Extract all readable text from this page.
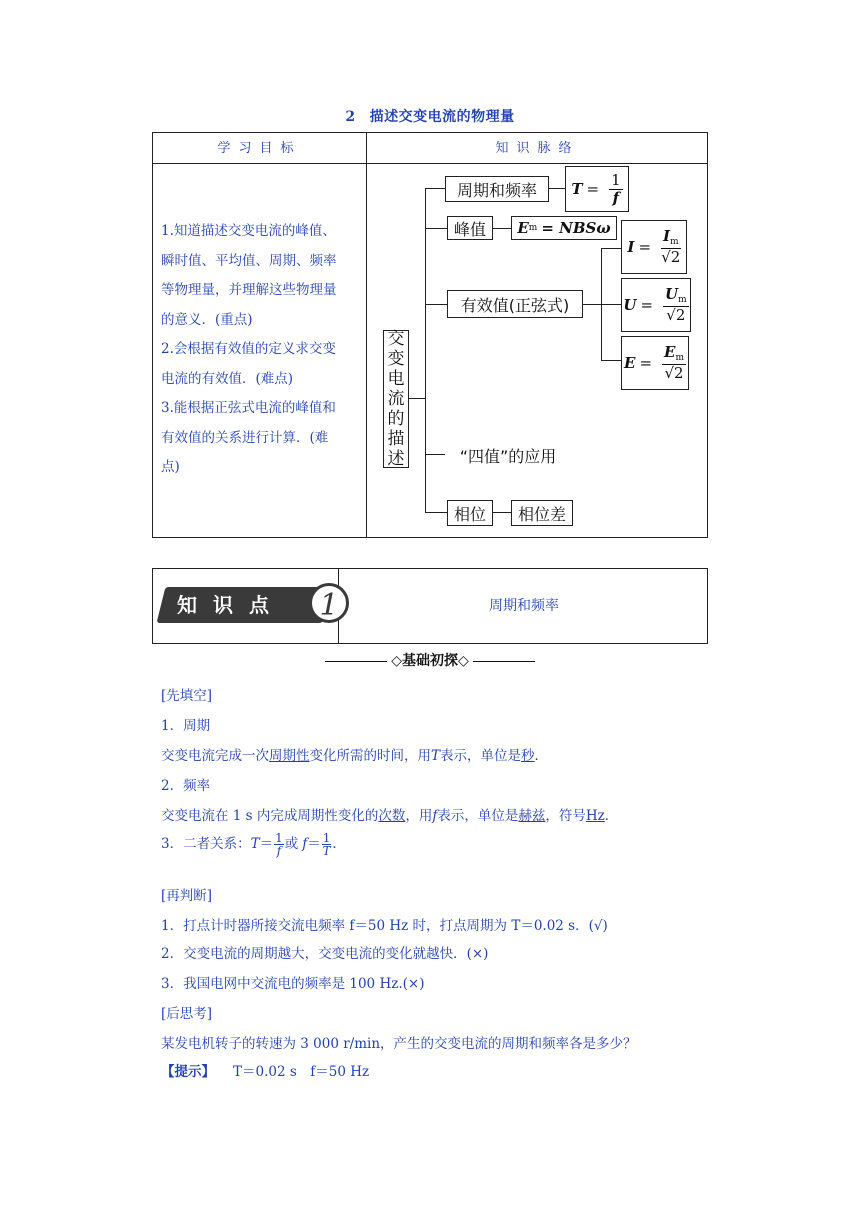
2 描述交变电流的物理量
学习目标	知识脉络

1.知道描述交变电流的峰值、

瞬时值、平均值、周期、频率

等物理量，并理解这些物理量

的意义．(重点)

2.会根据有效值的定义求交变

电流的有效值．(难点)

3.能根据正弦式电流的峰值和

有效值的关系进行计算．(难

点)

交
变
电
流
的
描
述
周期和频率	$T = \frac{1}{f}$
峰值	E m = NBSω
有效值(正弦式)
$I = \frac{I_m}{√2}$
$U = \frac{U_m}{√2}$
$E = \frac{E_m}{√2}$
“四值”的应用
相位	相位差
知识点	1	周期和频率
◇基础初探◇
[先填空]
1．周期
交变电流完成一次周期性变化所需的时间，用T表示，单位是秒．
2．频率
交变电流在 1 s 内完成周期性变化的次数，用f表示，单位是赫兹，符号Hz．
3．二者关系：$T= \frac{1}{f}$ 或 $f= \frac{1}{T}$ ．
[再判断]
1．打点计时器所接交流电频率 f＝50 Hz 时，打点周期为 T＝0.02 s．(√)
2．交变电流的周期越大，交变电流的变化就越快．(×)
3．我国电网中交流电的频率是 100 Hz.(×)
[后思考]
某发电机转子的转速为 3 000 r/min，产生的交变电流的周期和频率各是多少？
【提示】 T＝0.02 s　f＝50 Hz
